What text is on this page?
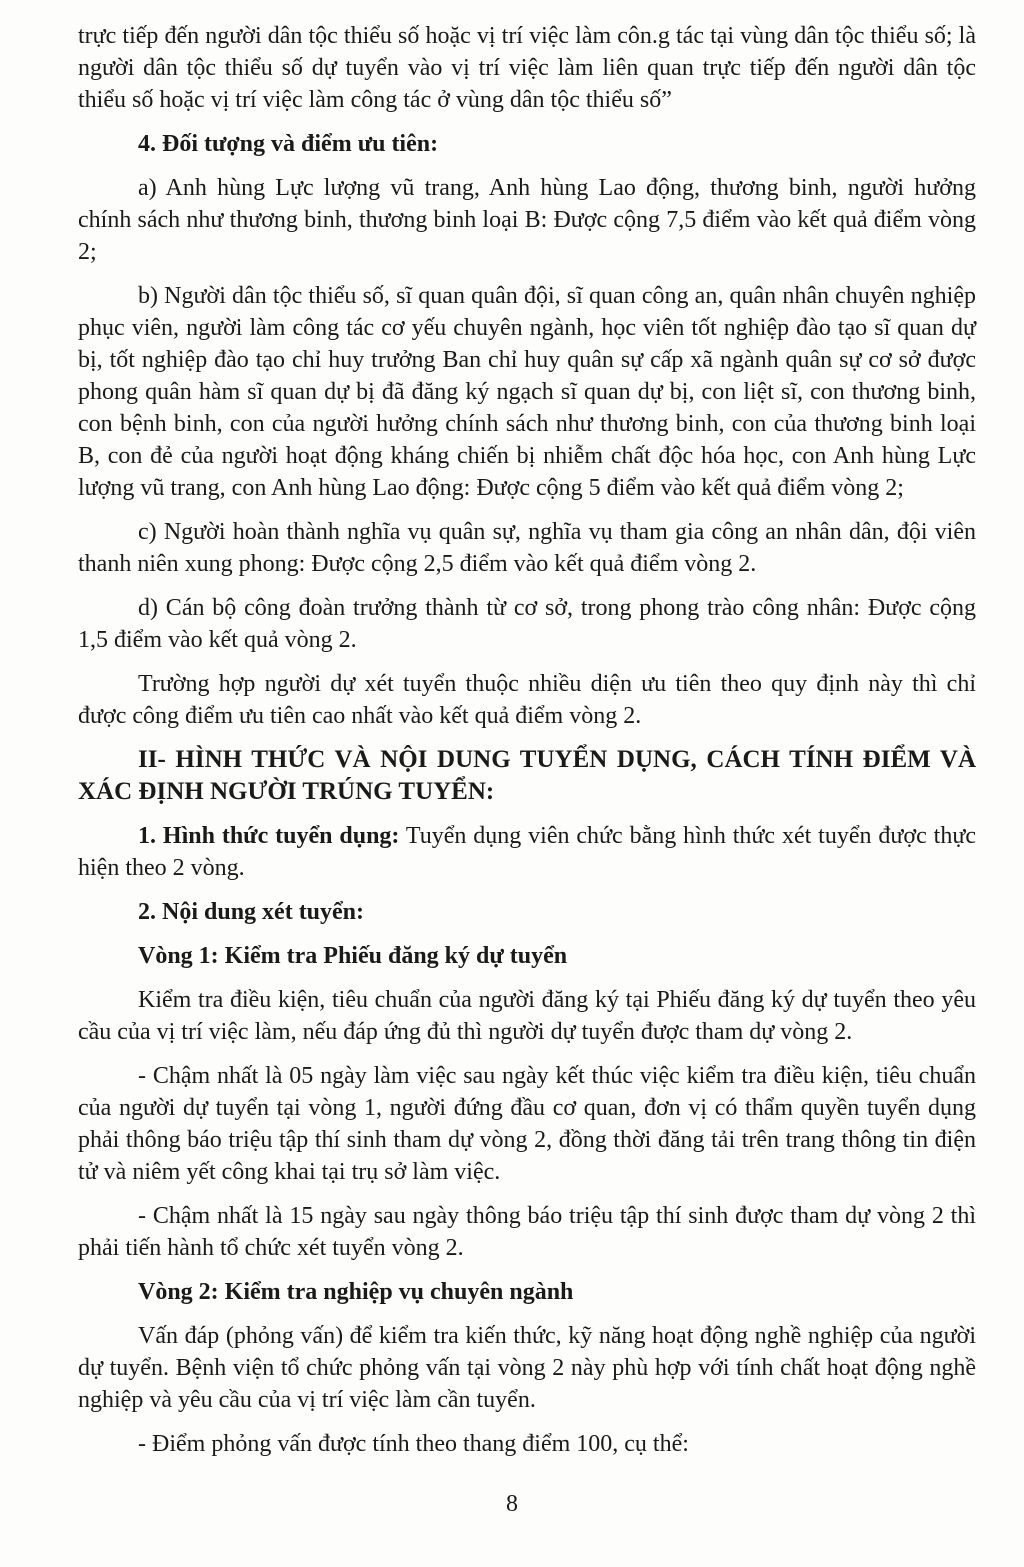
trực tiếp đến người dân tộc thiểu số hoặc vị trí việc làm côn.g tác tại vùng dân tộc thiểu số; là người dân tộc thiểu số dự tuyển vào vị trí việc làm liên quan trực tiếp đến người dân tộc thiểu số hoặc vị trí việc làm công tác ở vùng dân tộc thiểu số”

4. Đối tượng và điểm ưu tiên:

a) Anh hùng Lực lượng vũ trang, Anh hùng Lao động, thương binh, người hưởng chính sách như thương binh, thương binh loại B: Được cộng 7,5 điểm vào kết quả điểm vòng 2;

b) Người dân tộc thiểu số, sĩ quan quân đội, sĩ quan công an, quân nhân chuyên nghiệp phục viên, người làm công tác cơ yếu chuyên ngành, học viên tốt nghiệp đào tạo sĩ quan dự bị, tốt nghiệp đào tạo chỉ huy trưởng Ban chỉ huy quân sự cấp xã ngành quân sự cơ sở được phong quân hàm sĩ quan dự bị đã đăng ký ngạch sĩ quan dự bị, con liệt sĩ, con thương binh, con bệnh binh, con của người hưởng chính sách như thương binh, con của thương binh loại B, con đẻ của người hoạt động kháng chiến bị nhiễm chất độc hóa học, con Anh hùng Lực lượng vũ trang, con Anh hùng Lao động: Được cộng 5 điểm vào kết quả điểm vòng 2;

c) Người hoàn thành nghĩa vụ quân sự, nghĩa vụ tham gia công an nhân dân, đội viên thanh niên xung phong: Được cộng 2,5 điểm vào kết quả điểm vòng 2.

d) Cán bộ công đoàn trưởng thành từ cơ sở, trong phong trào công nhân: Được cộng 1,5 điểm vào kết quả vòng 2.

Trường hợp người dự xét tuyển thuộc nhiều diện ưu tiên theo quy định này thì chỉ được công điểm ưu tiên cao nhất vào kết quả điểm vòng 2.

II- HÌNH THỨC VÀ NỘI DUNG TUYỂN DỤNG, CÁCH TÍNH ĐIỂM VÀ XÁC ĐỊNH NGƯỜI TRÚNG TUYỂN:

1. Hình thức tuyển dụng: Tuyển dụng viên chức bằng hình thức xét tuyển được thực hiện theo 2 vòng.

2. Nội dung xét tuyển:

Vòng 1: Kiểm tra Phiếu đăng ký dự tuyển

Kiểm tra điều kiện, tiêu chuẩn của người đăng ký tại Phiếu đăng ký dự tuyển theo yêu cầu của vị trí việc làm, nếu đáp ứng đủ thì người dự tuyển được tham dự vòng 2.

- Chậm nhất là 05 ngày làm việc sau ngày kết thúc việc kiểm tra điều kiện, tiêu chuẩn của người dự tuyển tại vòng 1, người đứng đầu cơ quan, đơn vị có thẩm quyền tuyển dụng phải thông báo triệu tập thí sinh tham dự vòng 2, đồng thời đăng tải trên trang thông tin điện tử và niêm yết công khai tại trụ sở làm việc.

- Chậm nhất là 15 ngày sau ngày thông báo triệu tập thí sinh được tham dự vòng 2 thì phải tiến hành tổ chức xét tuyển vòng 2.

Vòng 2: Kiểm tra nghiệp vụ chuyên ngành

Vấn đáp (phỏng vấn) để kiểm tra kiến thức, kỹ năng hoạt động nghề nghiệp của người dự tuyển. Bệnh viện tổ chức phỏng vấn tại vòng 2 này phù hợp với tính chất hoạt động nghề nghiệp và yêu cầu của vị trí việc làm cần tuyển.

- Điểm phỏng vấn được tính theo thang điểm 100, cụ thể:

8
